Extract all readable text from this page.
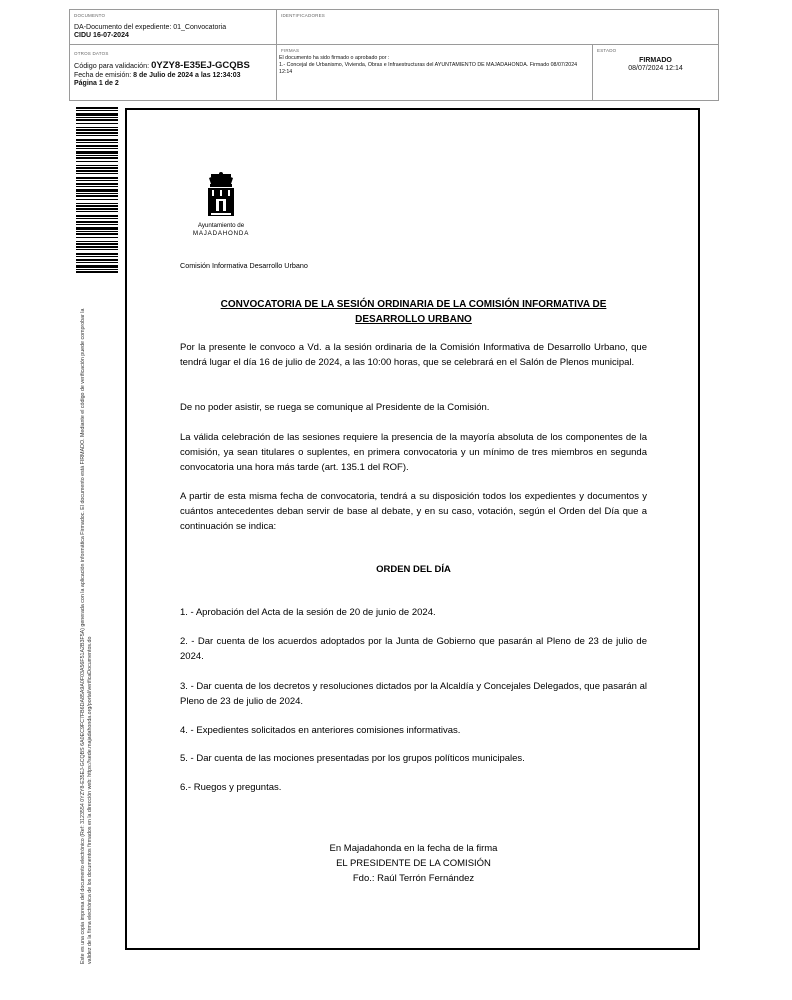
DOCUMENTO
DA-Documento del expediente: 01_Convocatoria
CIDU 16-07-2024
IDENTIFICADORES
OTROS DATOS
Código para validación: 0YZY8-E35EJ-GCQBS
Fecha de emisión: 8 de Julio de 2024 a las 12:34:03
Página 1 de 2
FIRMAS
El documento ha sido firmado o aprobado por :
1.- Concejal de Urbanismo, Vivienda, Obras e Infraestructuras del AYUNTAMIENTO DE MAJADAHONDA. Firmado 08/07/2024 12:14
ESTADO
FIRMADO
08/07/2024 12:14
Este es una copia impresa del documento electrónico (Ref: 3123554 0YZY8-E35EJ-GCQBS 6A0EC9FC7FB6DA85A9A0F03A56F51A2B3F5A) generada con la aplicación informática Firmadoc. El documento está FIRMADO. Mediante el código de verificación puede comprobar la validez de la firma electrónica de los documentos firmados en la dirección web: https://sede.majadahonda.org/portal/verificaDocumentos.do
Ayuntamiento de
MAJADAHONDA
Comisión Informativa Desarrollo Urbano
CONVOCATORIA DE LA SESIÓN ORDINARIA DE LA COMISIÓN INFORMATIVA DE
DESARROLLO URBANO
Por la presente le convoco a Vd. a la sesión ordinaria de la Comisión Informativa de Desarrollo Urbano, que tendrá lugar el día 16 de julio de 2024, a las 10:00 horas, que se celebrará en el Salón de Plenos municipal.
De no poder asistir, se ruega se comunique al Presidente de la Comisión.
La válida celebración de las sesiones requiere la presencia de la mayoría absoluta de los componentes de la comisión, ya sean titulares o suplentes, en primera convocatoria y un mínimo de tres miembros en segunda convocatoria una hora más tarde (art. 135.1 del ROF).
A partir de esta misma fecha de convocatoria, tendrá a su disposición todos los expedientes y documentos y cuántos antecedentes deban servir de base al debate, y en su caso, votación, según el Orden del Día que a continuación se indica:
ORDEN DEL DÍA
1. - Aprobación del Acta de la sesión de 20 de junio de 2024.
2. - Dar cuenta de los acuerdos adoptados por la Junta de Gobierno que pasarán al Pleno de 23 de julio de 2024.
3. - Dar cuenta de los decretos y resoluciones dictados por la Alcaldía y Concejales Delegados, que pasarán al Pleno de 23 de julio de 2024.
4. - Expedientes solicitados en anteriores comisiones informativas.
5. - Dar cuenta de las mociones presentadas por los grupos políticos municipales.
6.- Ruegos y preguntas.
En Majadahonda en la fecha de la firma
EL PRESIDENTE DE LA COMISIÓN
Fdo.: Raúl Terrón Fernández
